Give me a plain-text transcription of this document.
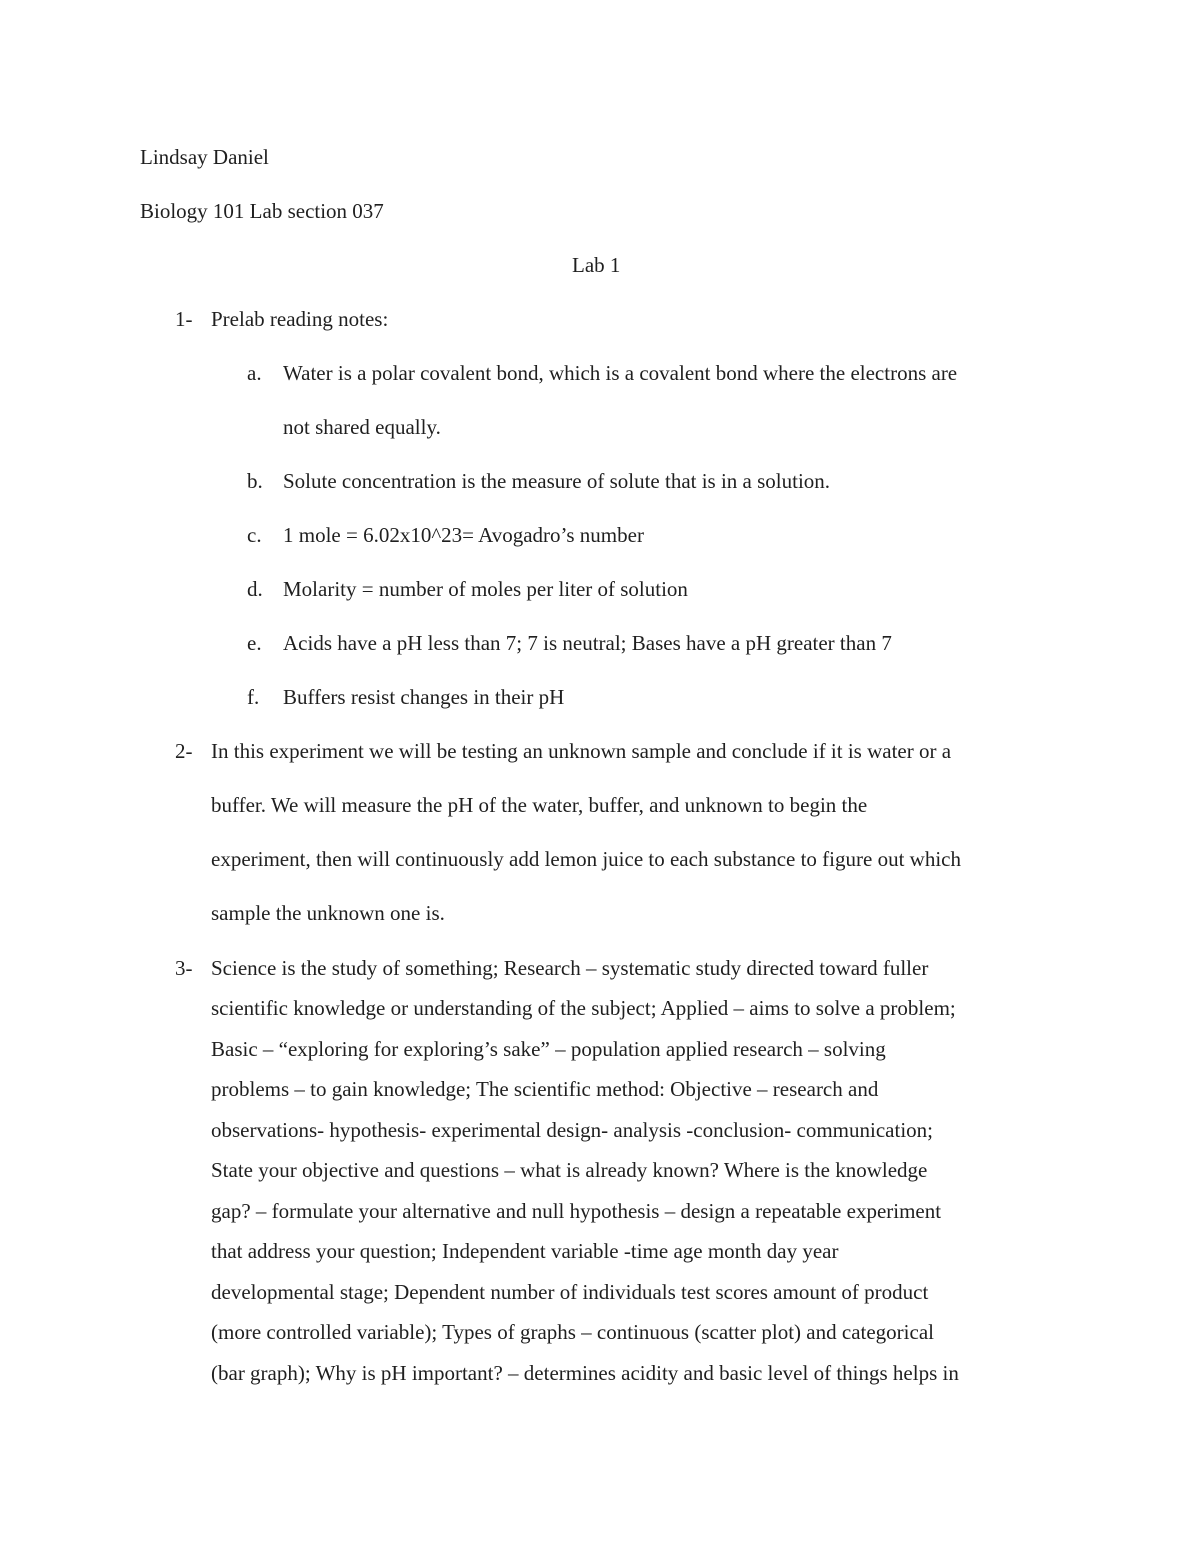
Lindsay Daniel
Biology 101 Lab section 037
Lab 1
1- Prelab reading notes:
a. Water is a polar covalent bond, which is a covalent bond where the electrons are
not shared equally.
b. Solute concentration is the measure of solute that is in a solution.
c. 1 mole = 6.02x10^23= Avogadro’s number
d. Molarity = number of moles per liter of solution
e. Acids have a pH less than 7; 7 is neutral; Bases have a pH greater than 7
f. Buffers resist changes in their pH
2- In this experiment we will be testing an unknown sample and conclude if it is water or a
buffer. We will measure the pH of the water, buffer, and unknown to begin the
experiment, then will continuously add lemon juice to each substance to figure out which
sample the unknown one is.
3- Science is the study of something; Research – systematic study directed toward fuller
scientific knowledge or understanding of the subject; Applied – aims to solve a problem;
Basic – “exploring for exploring’s sake” – population applied research – solving
problems – to gain knowledge; The scientific method: Objective – research and
observations- hypothesis- experimental design- analysis -conclusion- communication;
State your objective and questions – what is already known? Where is the knowledge
gap? – formulate your alternative and null hypothesis – design a repeatable experiment
that address your question; Independent variable -time age month day year
developmental stage; Dependent number of individuals test scores amount of product
(more controlled variable); Types of graphs – continuous (scatter plot) and categorical
(bar graph); Why is pH important? – determines acidity and basic level of things helps in
